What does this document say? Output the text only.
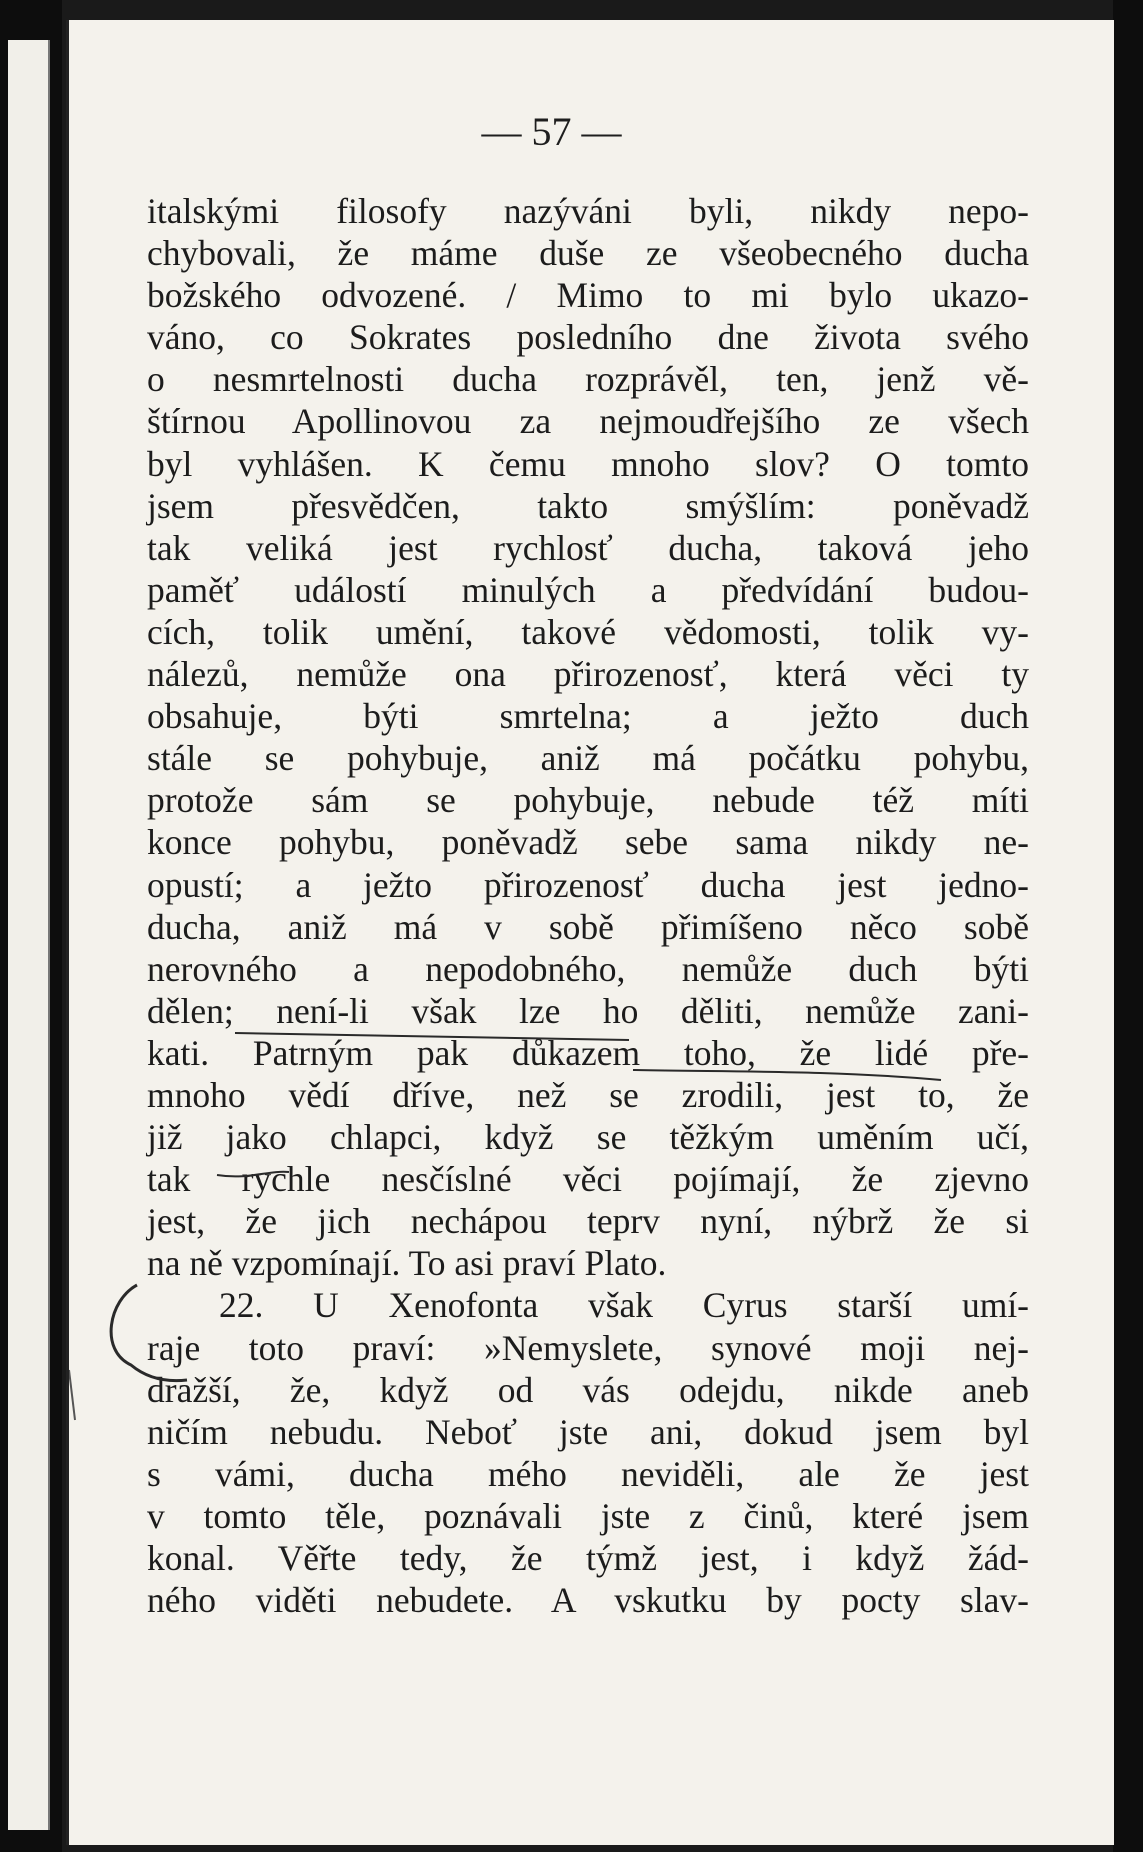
— 57 —
italskými filosofy nazýváni byli, nikdy nepo-
chybovali, že máme duše ze všeobecného ducha
božského odvozené. / Mimo to mi bylo ukazo-
váno, co Sokrates posledního dne života svého
o nesmrtelnosti ducha rozprávěl, ten, jenž vě-
štírnou Apollinovou za nejmoudřejšího ze všech
byl vyhlášen. K čemu mnoho slov? O tomto
jsem přesvědčen, takto smýšlím: poněvadž
tak veliká jest rychlosť ducha, taková jeho
paměť událostí minulých a předvídání budou-
cích, tolik umění, takové vědomosti, tolik vy-
nálezů, nemůže ona přirozenosť, která věci ty
obsahuje, býti smrtelna; a ježto duch
stále se pohybuje, aniž má počátku pohybu,
protože sám se pohybuje, nebude též míti
konce pohybu, poněvadž sebe sama nikdy ne-
opustí; a ježto přirozenosť ducha jest jedno-
ducha, aniž má v sobě přimíšeno něco sobě
nerovného a nepodobného, nemůže duch býti
dělen; není-li však lze ho děliti, nemůže zani-
kati. Patrným pak důkazem toho, že lidé pře-
mnoho vědí dříve, než se zrodili, jest to, že
již jako chlapci, když se těžkým uměním učí,
tak rychle nesčíslné věci pojímají, že zjevno
jest, že jich nechápou teprv nyní, nýbrž že si
na ně vzpomínají. To asi praví Plato.
22. U Xenofonta však Cyrus starší umí-
raje toto praví: »Nemyslete, synové moji nej-
dražší, že, když od vás odejdu, nikde aneb
ničím nebudu. Neboť jste ani, dokud jsem byl
s vámi, ducha mého neviděli, ale že jest
v tomto těle, poznávali jste z činů, které jsem
konal. Věřte tedy, že týmž jest, i když žád-
ného viděti nebudete. A vskutku by pocty slav-
